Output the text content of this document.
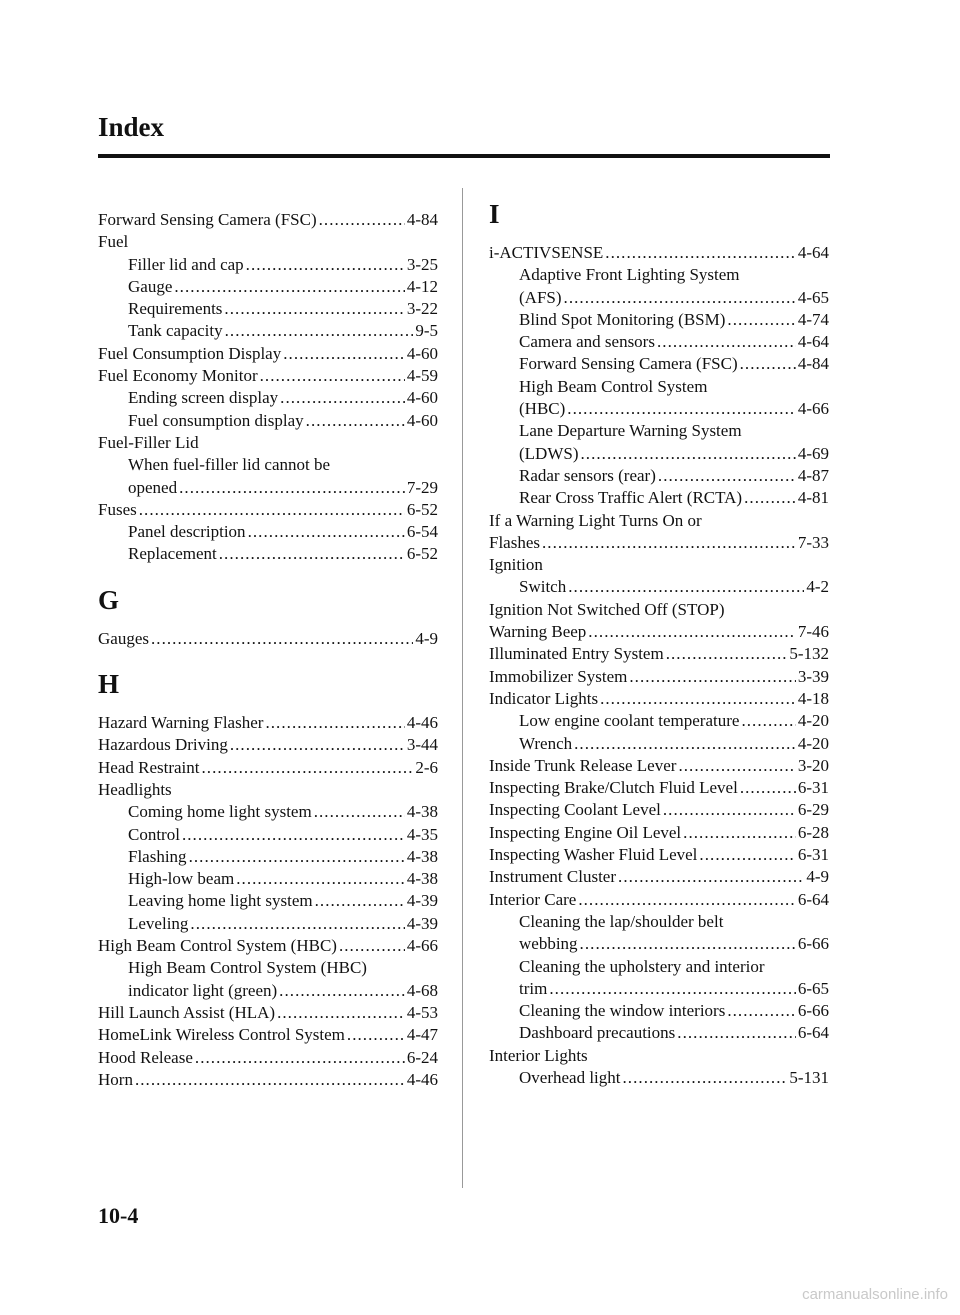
Index
Forward Sensing Camera (FSC) . . .	4-84
Fuel
Filler lid and cap . . .	3-25
Gauge . . .	4-12
Requirements . . .	3-22
Tank capacity . . .	9-5
Fuel Consumption Display . . .	4-60
Fuel Economy Monitor . . .	4-59
Ending screen display . . .	4-60
Fuel consumption display . . .	4-60
Fuel-Filler Lid
When fuel-filler lid cannot be
opened . . .	7-29
Fuses . . .	6-52
Panel description . . .	6-54
Replacement . . .	6-52
G
Gauges . . .	4-9
H
Hazard Warning Flasher . . .	4-46
Hazardous Driving . . .	3-44
Head Restraint . . .	2-6
Headlights
Coming home light system . . .	4-38
Control . . .	4-35
Flashing . . .	4-38
High-low beam . . .	4-38
Leaving home light system . . .	4-39
Leveling . . .	4-39
High Beam Control System (HBC) . . .	4-66
High Beam Control System (HBC)
indicator light (green) . . .	4-68
Hill Launch Assist (HLA) . . .	4-53
HomeLink Wireless Control System . . .	4-47
Hood Release . . .	6-24
Horn . . .	4-46
I
i-ACTIVSENSE . . .	4-64
Adaptive Front Lighting System
(AFS) . . .	4-65
Blind Spot Monitoring (BSM) . . .	4-74
Camera and sensors . . .	4-64
Forward Sensing Camera (FSC) . . .	4-84
High Beam Control System
(HBC) . . .	4-66
Lane Departure Warning System
(LDWS) . . .	4-69
Radar sensors (rear) . . .	4-87
Rear Cross Traffic Alert (RCTA) . . .	4-81
If a Warning Light Turns On or
Flashes . . .	7-33
Ignition
Switch . . .	4-2
Ignition Not Switched Off (STOP)
Warning Beep . . .	7-46
Illuminated Entry System . . .	5-132
Immobilizer System . . .	3-39
Indicator Lights . . .	4-18
Low engine coolant temperature . . .	4-20
Wrench . . .	4-20
Inside Trunk Release Lever . . .	3-20
Inspecting Brake/Clutch Fluid Level . . .	6-31
Inspecting Coolant Level . . .	6-29
Inspecting Engine Oil Level . . .	6-28
Inspecting Washer Fluid Level . . .	6-31
Instrument Cluster . . .	4-9
Interior Care . . .	6-64
Cleaning the lap/shoulder belt
webbing . . .	6-66
Cleaning the upholstery and interior
trim . . .	6-65
Cleaning the window interiors . . .	6-66
Dashboard precautions . . .	6-64
Interior Lights
Overhead light . . .	5-131
10-4
carmanualsonline.info
